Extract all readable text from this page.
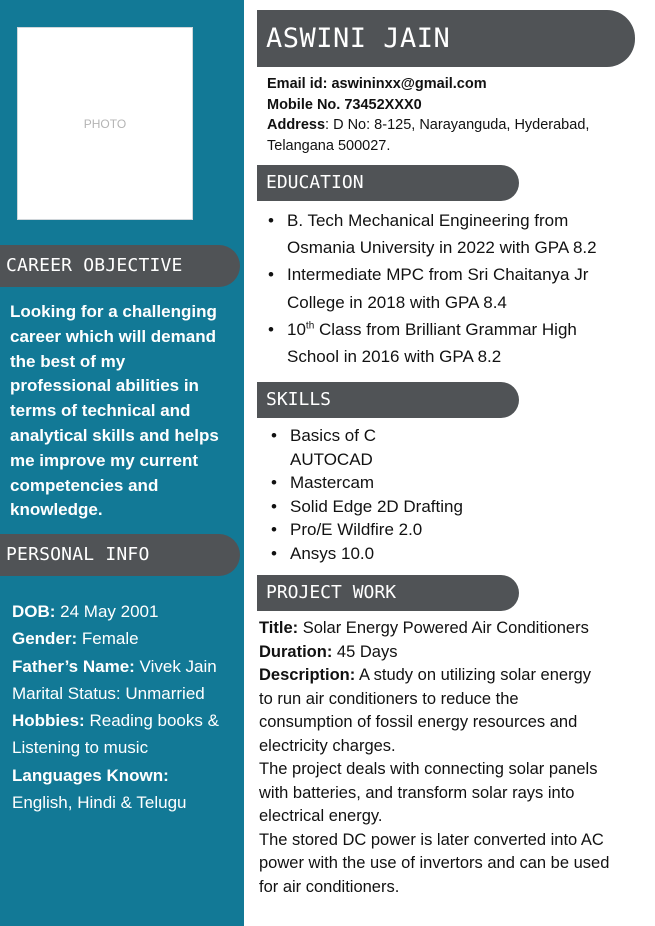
PHOTO
CAREER OBJECTIVE
Looking for a challenging
career which will demand
the best of my
professional abilities in
terms of technical and
analytical skills and helps
me improve my current
competencies and
knowledge.
PERSONAL INFO
DOB: 24 May 2001
Gender: Female
Father’s Name: Vivek Jain
Marital Status: Unmarried
Hobbies: Reading books &
Listening to music
Languages Known:
English, Hindi & Telugu
ASWINI JAIN
Email id: aswininxx@gmail.com
Mobile No. 73452XXX0
Address: D No: 8-125, Narayanguda, Hyderabad,
Telangana 500027.
EDUCATION
• B. Tech Mechanical Engineering from
Osmania University in 2022 with GPA 8.2
• Intermediate MPC from Sri Chaitanya Jr
College in 2018 with GPA 8.4
• 10th Class from Brilliant Grammar High
School in 2016 with GPA 8.2
SKILLS
• Basics of C
AUTOCAD
• Mastercam
• Solid Edge 2D Drafting
• Pro/E Wildfire 2.0
• Ansys 10.0
PROJECT WORK
Title: Solar Energy Powered Air Conditioners
Duration: 45 Days
Description: A study on utilizing solar energy
to run air conditioners to reduce the
consumption of fossil energy resources and
electricity charges.
The project deals with connecting solar panels
with batteries, and transform solar rays into
electrical energy.
The stored DC power is later converted into AC
power with the use of invertors and can be used
for air conditioners.
